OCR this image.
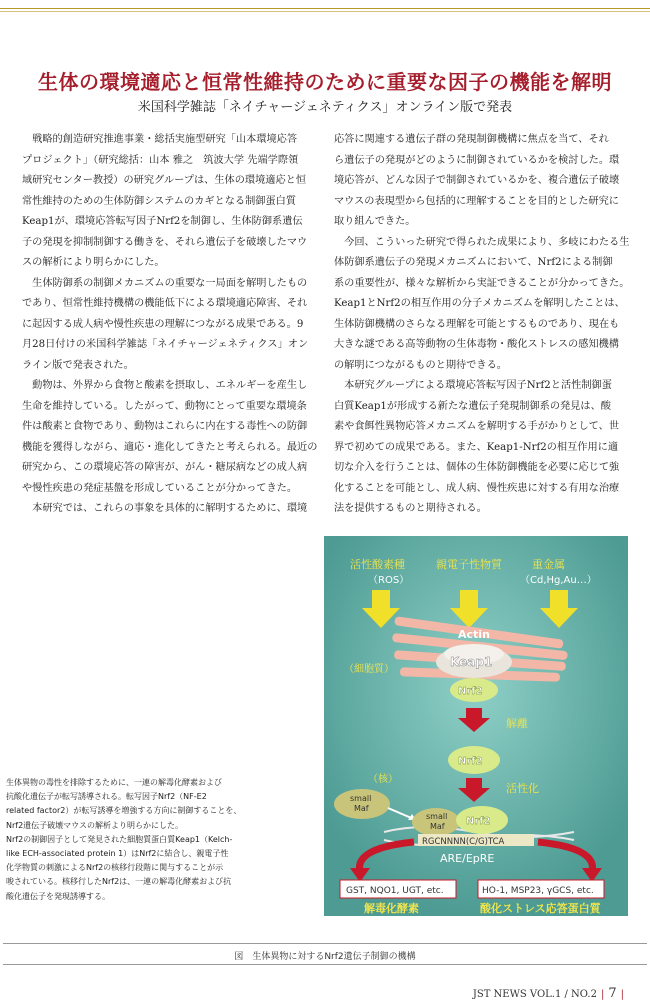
生体の環境適応と恒常性維持のために重要な因子の機能を解明
米国科学雑誌「ネイチャージェネティクス」オンライン版で発表
　戦略的創造研究推進事業・総括実施型研究「山本環境応答
プロジェクト」（研究総括：山本 雅之　筑波大学 先端学際領
域研究センター教授）の研究グループは、生体の環境適応と恒
常性維持のための生体防御システムのカギとなる制御蛋白質
Keap1が、環境応答転写因子Nrf2を制御し、生体防御系遺伝
子の発現を抑制制御する働きを、それら遺伝子を破壊したマウ
スの解析により明らかにした。
　生体防御系の制御メカニズムの重要な一局面を解明したもの
であり、恒常性維持機構の機能低下による環境適応障害、それ
に起因する成人病や慢性疾患の理解につながる成果である。9
月28日付けの米国科学雑誌「ネイチャージェネティクス」オン
ライン版で発表された。
　動物は、外界から食物と酸素を摂取し、エネルギーを産生し
生命を維持している。したがって、動物にとって重要な環境条
件は酸素と食物であり、動物はこれらに内在する毒性への防御
機能を獲得しながら、適応・進化してきたと考えられる。最近の
研究から、この環境応答の障害が、がん・糖尿病などの成人病
や慢性疾患の発症基盤を形成していることが分かってきた。
　本研究では、これらの事象を具体的に解明するために、環境
応答に関連する遺伝子群の発現制御機構に焦点を当て、それ
ら遺伝子の発現がどのように制御されているかを検討した。環
境応答が、どんな因子で制御されているかを、複合遺伝子破壊
マウスの表現型から包括的に理解することを目的とした研究に
取り組んできた。
　今回、こういった研究で得られた成果により、多岐にわたる生
体防御系遺伝子の発現メカニズムにおいて、Nrf2による制御
系の重要性が、様々な解析から実証できることが分かってきた。
Keap1とNrf2の相互作用の分子メカニズムを解明したことは、
生体防御機構のさらなる理解を可能とするものであり、現在も
大きな謎である高等動物の生体毒物・酸化ストレスの感知機構
の解明につながるものと期待できる。
　本研究グループによる環境応答転写因子Nrf2と活性制御蛋
白質Keap1が形成する新たな遺伝子発現制御系の発見は、酸
素や食餌性異物応答メカニズムを解明する手がかりとして、世
界で初めての成果である。また、Keap1-Nrf2の相互作用に適
切な介入を行うことは、個体の生体防御機能を必要に応じて強
化することを可能とし、成人病、慢性疾患に対する有用な治療
法を提供するものと期待される。
生体異物の毒性を排除するために、一連の解毒化酵素および
抗酸化遺伝子が転写誘導される。転写因子Nrf2（NF-E2
related factor2）が転写誘導を増強する方向に制御することを、
Nrf2遺伝子破壊マウスの解析より明らかにした。
Nrf2の制御因子として発見された細胞質蛋白質Keap1（Kelch-
like ECH-associated protein 1）はNrf2に結合し、親電子性
化学物質の刺激によるNrf2の核移行段階に関与することが示
唆されている。核移行したNrf2は、一連の解毒化酵素および抗
酸化遺伝子を発現誘導する。
活性酸素種
（ROS）
親電子性物質	重金属
（Cd,Hg,Au…）
Actin
Keap1
Nrf2
（細胞質）
解離
Nrf2
活性化
（核）
small
Maf
small
Maf Nrf2
RGCNNNN(C/G)TCA
ARE/EpRE
GST, NQO1, UGT, etc.	HO-1, MSP23, γGCS, etc.
解毒化酵素	酸化ストレス応答蛋白質
図　生体異物に対するNrf2遺伝子制御の機構
JST NEWS VOL.1 / NO.2 | 7 |
